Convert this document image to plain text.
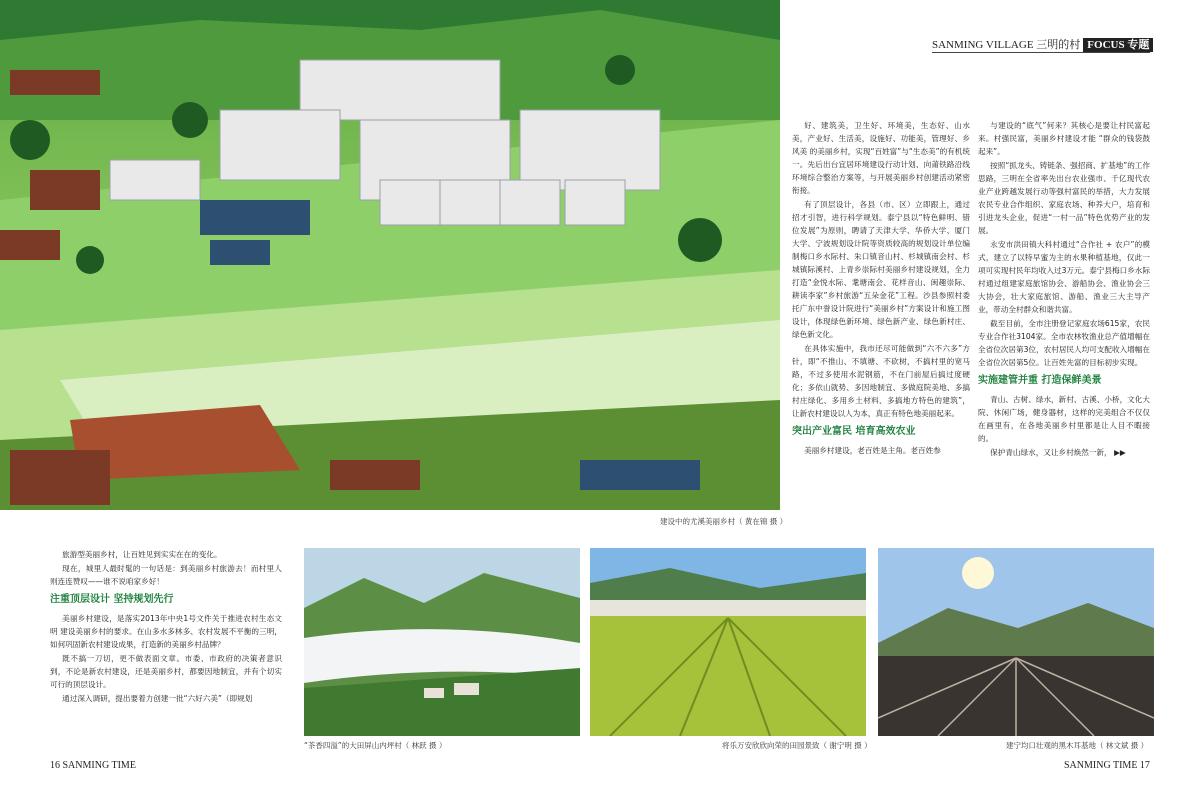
建设中的尤溪美丽乡村（ 黄在锦 摄 ）
SANMING VILLAGE 三明的村 FOCUS 专题

好、建筑美，卫生好、环境美，生态好、山水美，产业好、生活美，设施好、功能美，管理好、乡风美 的美丽乡村，实现“百姓富”与“生态美”的有机统一。先后出台宜居环境建设行动计划、向莆铁路沿线环境综合整治方案等，与开展美丽乡村创建活动紧密衔接。

有了顶层设计，各县（市、区）立即跟上，通过招才引智，进行科学规划。泰宁县以“特色鲜明、错位发展”为原则，聘请了天津大学、华侨大学、厦门大学、宁波规划设计院等资质较高的规划设计单位编制梅口乡水际村、朱口镇音山村、杉城镇南会村、杉城镇际溪村、上青乡崇际村美丽乡村建设规划，全力打造“金悦水际、耄塘南会、花样音山、闽趣崇际、耕读李家”乡村旅游“五朵金花”工程。沙县参照村委托广东中誉设计院进行“美丽乡村”方案设计和施工图设计，体现绿色新环境、绿色新产业、绿色新村庄、绿色新文化。

在具体实施中，我市还尽可能做到“六不六多”方针，即“不推山、不填塘、不砍树，不搞村里的宽马路，不过多使用水泥钢筋，不在门前屋后搞过度硬化；多依山就势、多因地制宜、多做庭院美地、多搞村庄绿化、多用乡土材料、多搞地方特色的建筑”，让新农村建设以人为本，真正有特色地美丽起来。

突出产业富民 培育高效农业

美丽乡村建设，老百姓是主角。老百姓参

与建设的“底气”何来？其核心是要让村民富起来。村强民富，美丽乡村建设才能 “群众的钱袋鼓起来”。

按照“抓龙头、铸链条、强招商、扩基地”的工作思路，三明在全省率先出台农业强市、千亿现代农业产业跨越发展行动等强村富民的举措，大力发展农民专业合作组织、家庭农场、种养大户，培育和引进龙头企业，促进“一村一品”特色优势产业的发展。

永安市洪田镇大科村通过“合作社 + 农户”的模式，建立了以特早蜜为主的水果种植基地，仅此一项可实现村民年均收入过3万元。泰宁县梅口乡水际村通过组建家庭旅馆协会、游船协会、渔业协会三大协会，壮大家庭旅馆、游船、渔业三大主导产业，带动全村群众和谐共富。

截至目前，全市注册登记家庭农场615家，农民专业合作社3104家。全市农林牧渔业总产值增幅在全省位次居第3位，农村居民人均可支配收入增幅在全省位次居第5位。让百姓先富的目标初步实现。

实施建管并重 打造保鲜美景

青山、古树、绿水，新村、古溪、小桥，文化大院、休闲广场，健身器材，这样的完美组合不仅仅在画里有，在各地美丽乡村里都是让人目不暇接的。

保护青山绿水，又让乡村焕然一新， ▶▶

旅游型美丽乡村，让百姓见到实实在在的变化。

现在，城里人最时髦的一句话是：到美丽乡村旅游去！而村里人则连连赞叹——谁不说咱家乡好！

注重顶层设计 坚持规划先行

美丽乡村建设，是落实2013年中央1号文件关于推进农村生态文明 建设美丽乡村的要求。在山多水多林多、农村发展不平衡的三明，如何巩固新农村建设成果，打造新的美丽乡村品牌？

既不搞一刀切，更不做表面文章。市委、市政府的决策者意识到，不论是新农村建设，还是美丽乡村，都要因地制宜，并有个切实可行的顶层设计。

通过深入调研，提出要着力创建一批“六好六美”（即规划

“茶香四溢”的大田屏山内坪村（ 林跃 摄 ）	将乐万安欣欣向荣的田园景致（ 谢宁明 摄 ）	建宁均口壮观的黑木耳基地（ 林文斌 摄 ）
16 SANMING TIME	SANMING TIME 17
